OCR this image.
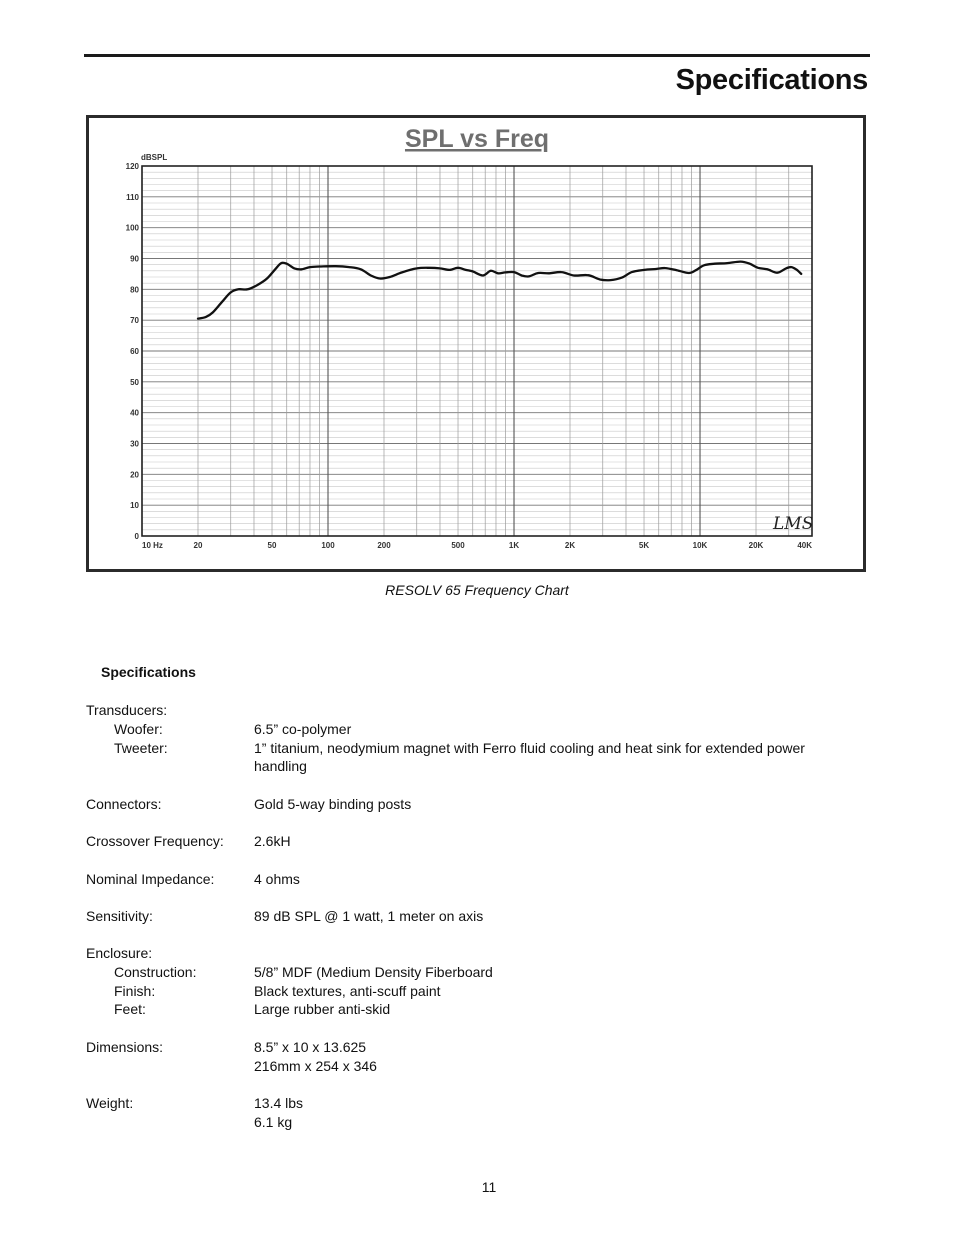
Specifications
SPL vs Freq
dBSPL
0
10
20
30
40
50
60
70
80
90
100
110
120
10 Hz	20	50	100	200	500	1K	2K	5K	10K	20K	40K
LMS
RESOLV 65 Frequency Chart
Specifications
Transducers:
Woofer:	6.5” co-polymer
Tweeter:	1” titanium, neodymium magnet with Ferro fluid cooling and heat sink for extended power
handling
Connectors:	Gold 5-way binding posts
Crossover Frequency: 2.6kH
Nominal Impedance:	4 ohms
Sensitivity:	89 dB SPL @ 1 watt, 1 meter on axis
Enclosure:
Construction:	5/8” MDF (Medium Density Fiberboard
Finish:	Black textures, anti-scuff paint
Feet:	Large rubber anti-skid
Dimensions:	8.5” x 10 x 13.625
216mm x 254 x 346
Weight:	13.4 lbs
6.1 kg
11
